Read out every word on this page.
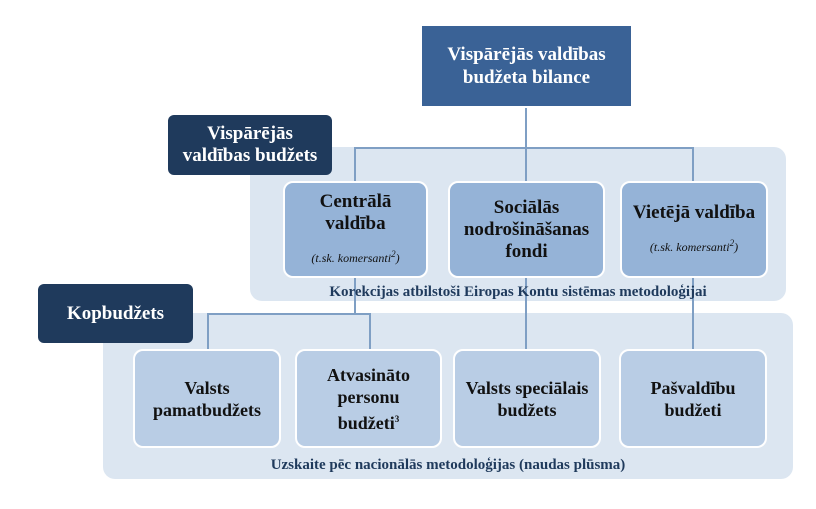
Vispārējās valdības
budžeta bilance
Vispārējās
valdības budžets
Centrālā valdība
(t.sk. komersanti$^2$)
Sociālās nodrošināšanas fondi
Vietējā valdība
(t.sk. komersanti$^2$)
Korekcijas atbilstoši Eiropas Kontu sistēmas metodoloģijai
Kopbudžets
Valsts pamatbudžets
Atvasināto personu budžeti$^3$
Valsts speciālais budžets
Pašvaldību budžeti
Uzskaite pēc nacionālās metodoloģijas (naudas plūsma)
